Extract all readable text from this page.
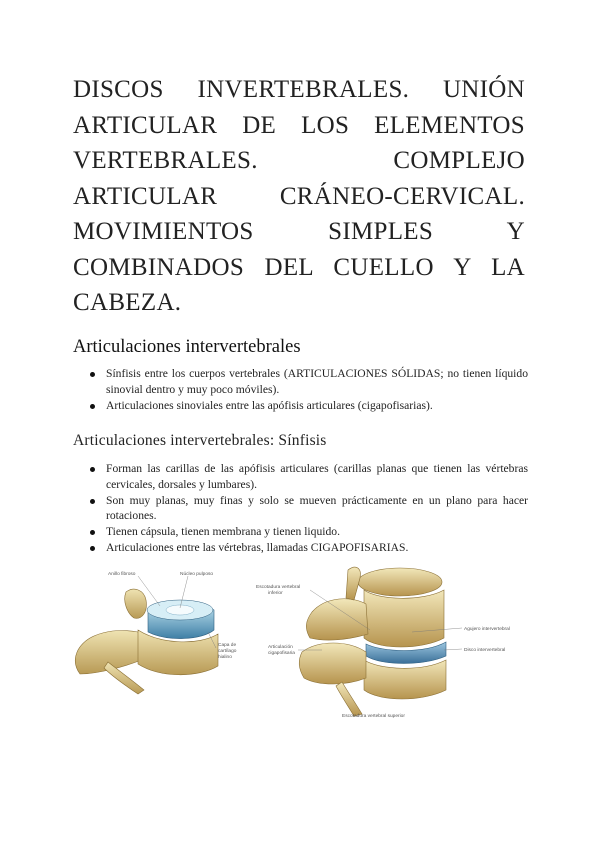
DISCOS INVERTEBRALES. UNIÓN ARTICULAR DE LOS ELEMENTOS VERTEBRALES. COMPLEJO ARTICULAR CRÁNEO-CERVICAL. MOVIMIENTOS SIMPLES Y COMBINADOS DEL CUELLO Y LA CABEZA.
Articulaciones intervertebrales
Sínfisis entre los cuerpos vertebrales (ARTICULACIONES SÓLIDAS; no tienen líquido sinovial dentro y muy poco móviles).
Articulaciones sinoviales entre las apófisis articulares (cigapofisarias).
Articulaciones intervertebrales: Sínfisis
Forman las carillas de las apófisis articulares (carillas planas que tienen las vértebras cervicales, dorsales y lumbares).
Son muy planas, muy finas y solo se mueven prácticamente en un plano para hacer rotaciones.
Tienen cápsula, tienen membrana y tienen liquido.
Articulaciones entre las vértebras, llamadas CIGAPOFISARIAS.
Anillo fibroso	Núcleo pulposo
Capa de
cartílago
hialino
Escotadura vertebral
inferior
Agujero intervertebral
Disco intervertebral
Articulación
cigapofisaria
Escotadura vertebral superior
